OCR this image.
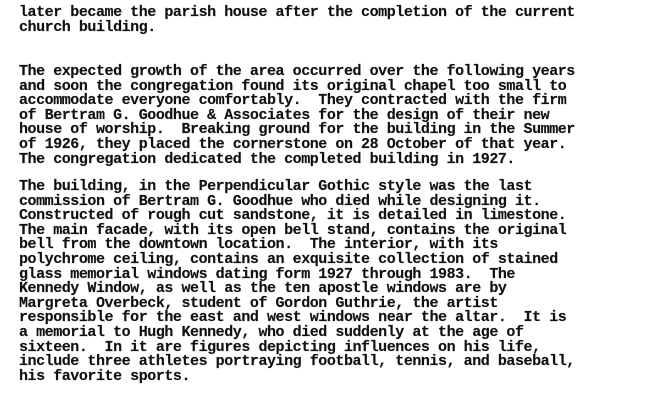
later became the parish house after the completion of the current
church building.
The expected growth of the area occurred over the following years
and soon the congregation found its original chapel too small to
accommodate everyone comfortably.  They contracted with the firm
of Bertram G. Goodhue & Associates for the design of their new
house of worship.  Breaking ground for the building in the Summer
of 1926, they placed the cornerstone on 28 October of that year.
The congregation dedicated the completed building in 1927.
The building, in the Perpendicular Gothic style was the last
commission of Bertram G. Goodhue who died while designing it.
Constructed of rough cut sandstone, it is detailed in limestone.
The main facade, with its open bell stand, contains the original
bell from the downtown location.  The interior, with its
polychrome ceiling, contains an exquisite collection of stained
glass memorial windows dating form 1927 through 1983.  The
Kennedy Window, as well as the ten apostle windows are by
Margreta Overbeck, student of Gordon Guthrie, the artist
responsible for the east and west windows near the altar.  It is
a memorial to Hugh Kennedy, who died suddenly at the age of
sixteen.  In it are figures depicting influences on his life,
include three athletes portraying football, tennis, and baseball,
his favorite sports.
